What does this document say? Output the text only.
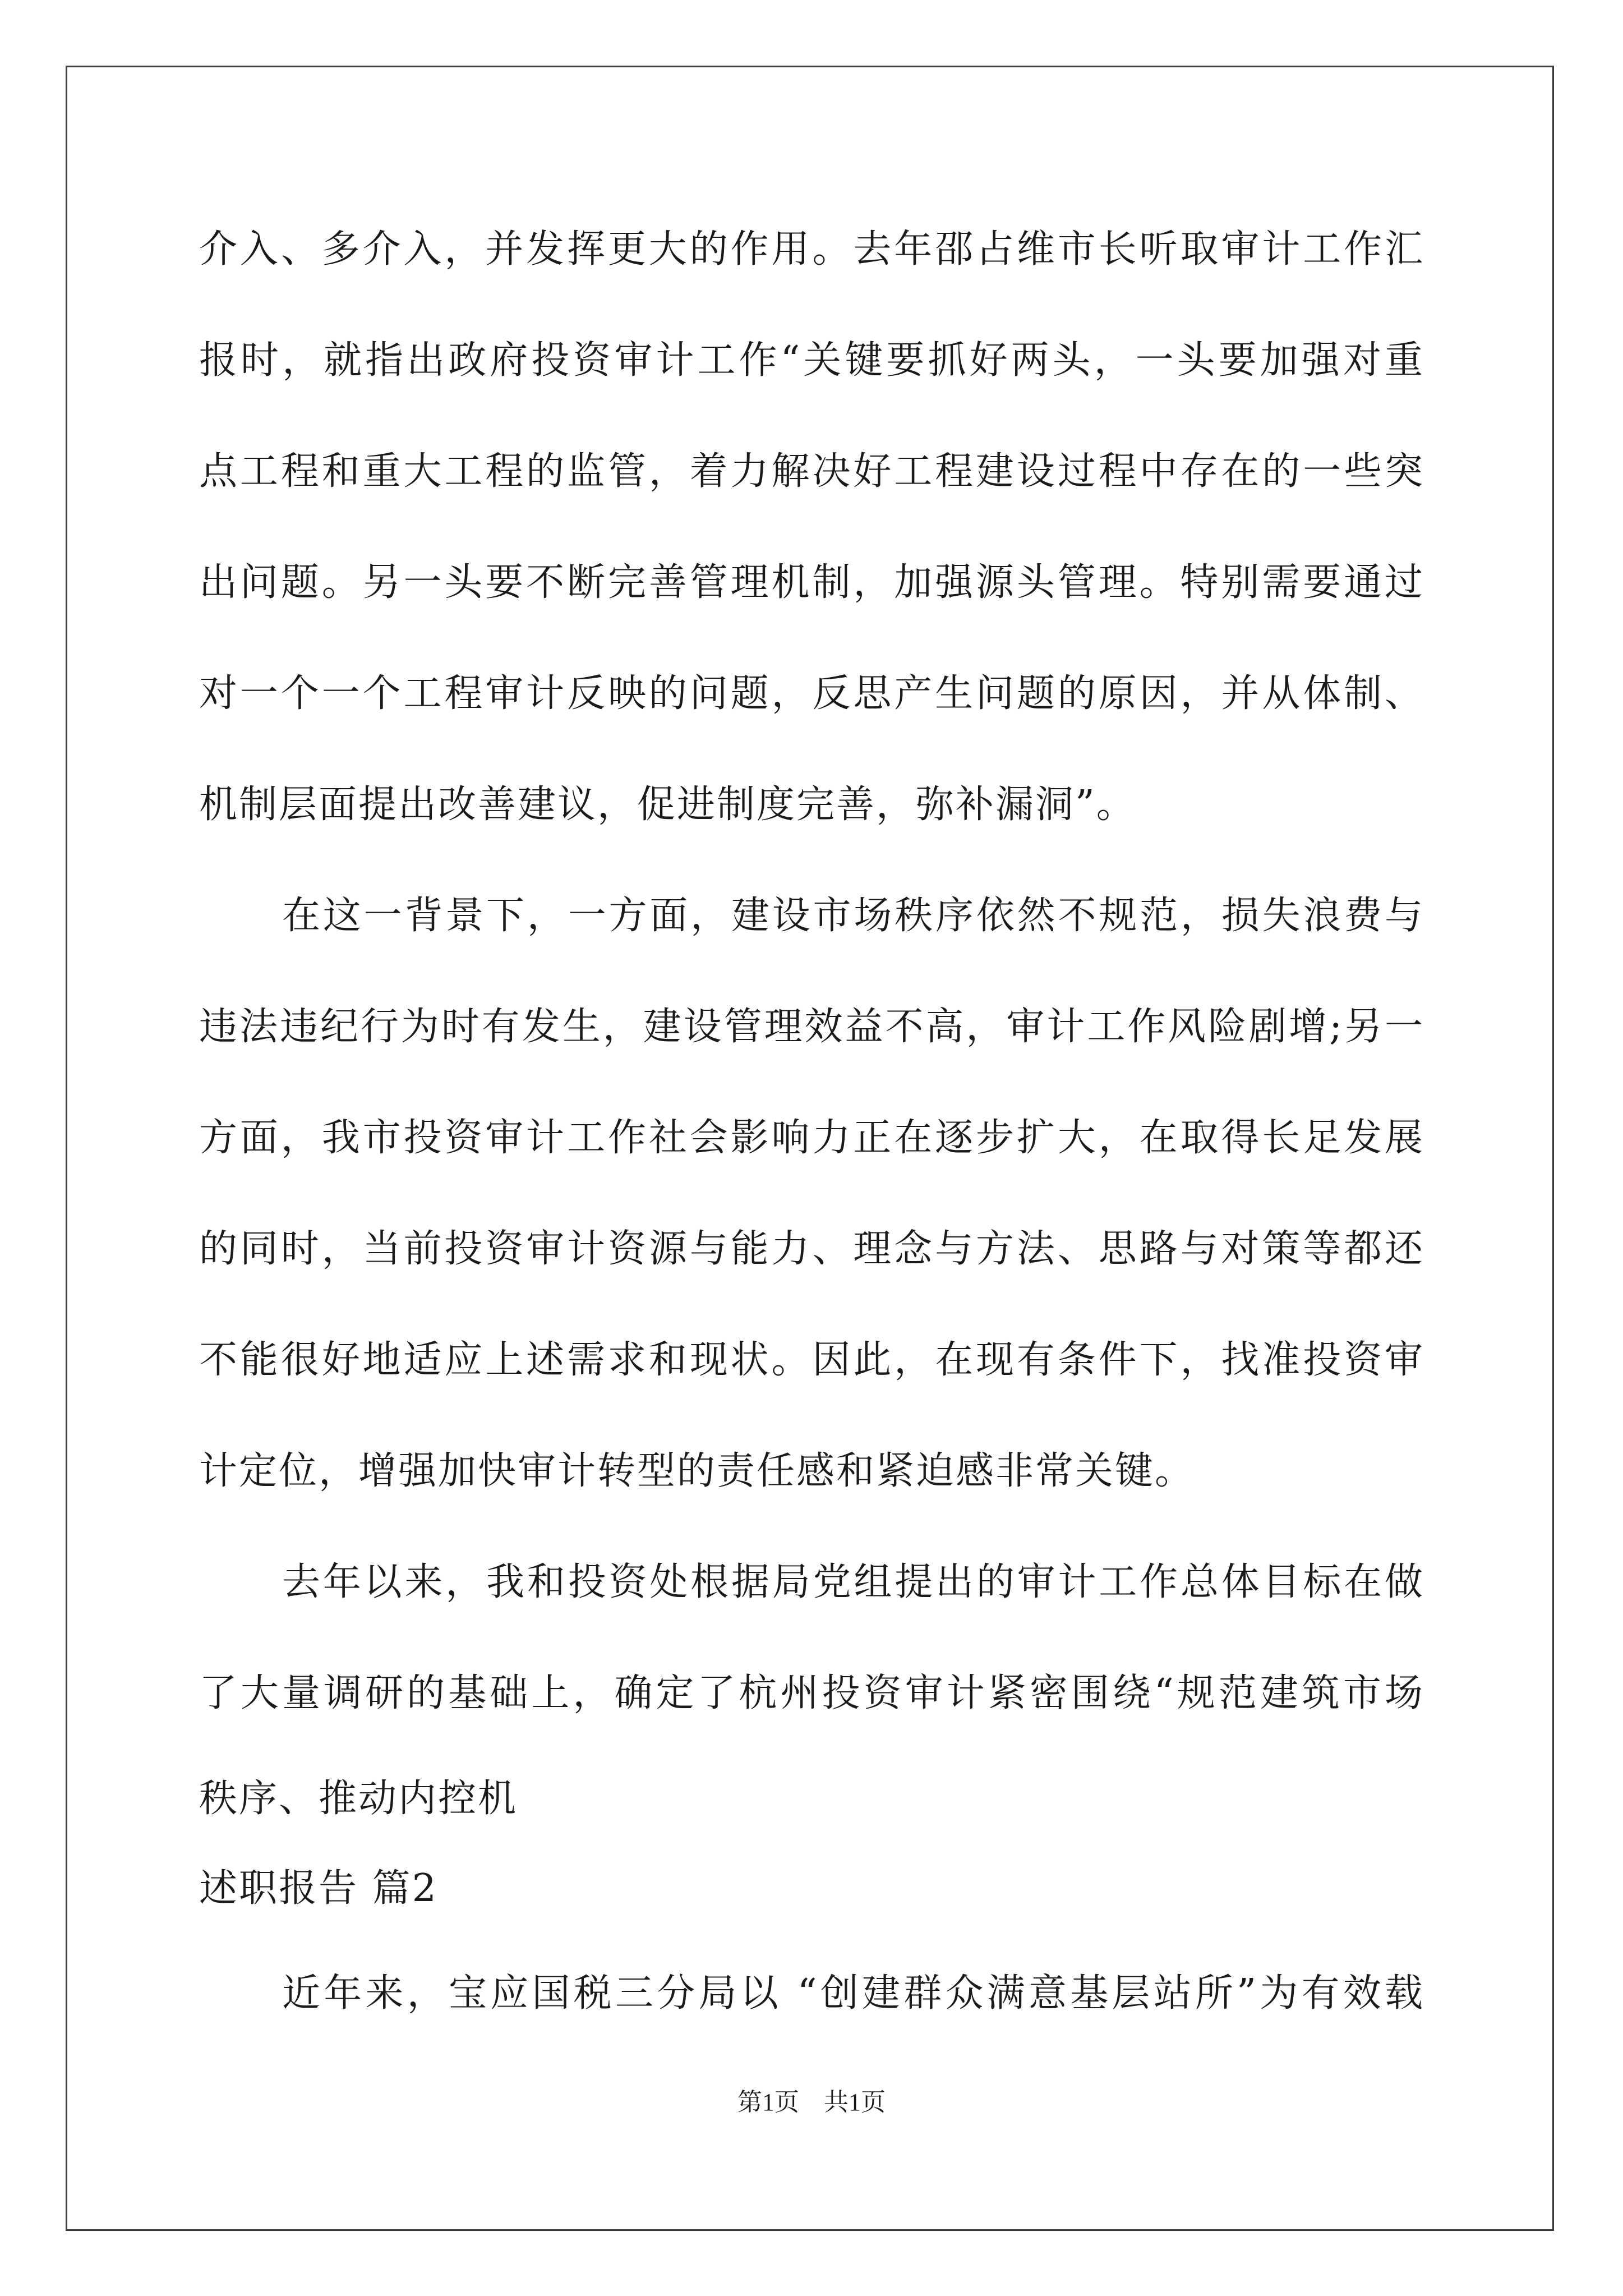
介入、多介入，并发挥更大的作用。去年邵占维市长听取审计工作汇
报时，就指出政府投资审计工作“关键要抓好两头，一头要加强对重
点工程和重大工程的监管，着力解决好工程建设过程中存在的一些突
出问题。另一头要不断完善管理机制，加强源头管理。特别需要通过
对一个一个工程审计反映的问题，反思产生问题的原因，并从体制、
机制层面提出改善建议，促进制度完善，弥补漏洞”。
在这一背景下，一方面，建设市场秩序依然不规范，损失浪费与
违法违纪行为时有发生，建设管理效益不高，审计工作风险剧增;另一
方面，我市投资审计工作社会影响力正在逐步扩大，在取得长足发展
的同时，当前投资审计资源与能力、理念与方法、思路与对策等都还
不能很好地适应上述需求和现状。因此，在现有条件下，找准投资审
计定位，增强加快审计转型的责任感和紧迫感非常关键。
去年以来，我和投资处根据局党组提出的审计工作总体目标在做
了大量调研的基础上，确定了杭州投资审计紧密围绕“规范建筑市场
秩序、推动内控机
述职报告 篇2
近年来，宝应国税三分局以 “创建群众满意基层站所”为有效载
第1页　共1页
